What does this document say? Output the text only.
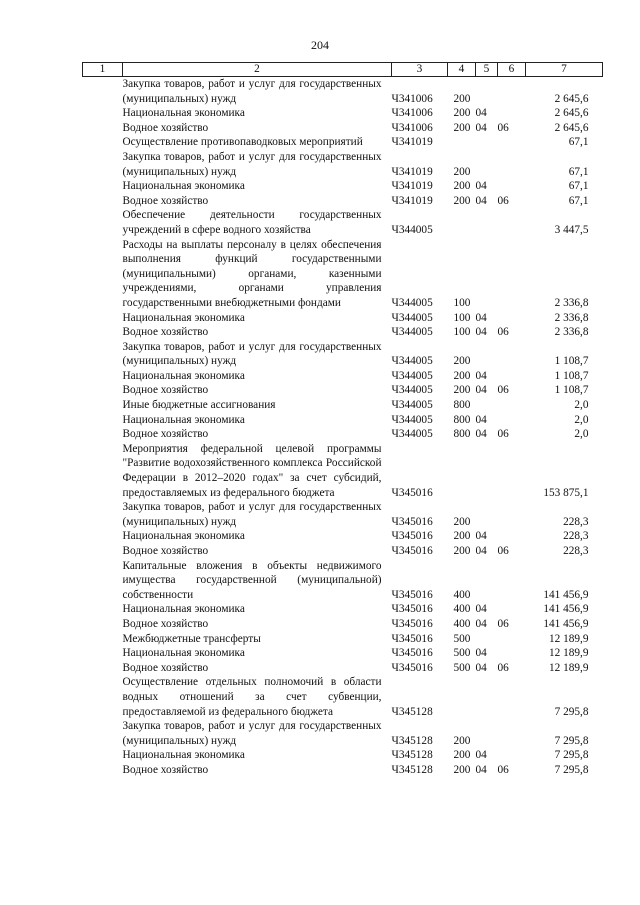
204
1	2	3	4	5	6	7
	Закупка товаров, работ и услуг для государственных (муниципальных) нужд	Ч341006	200			2 645,6
	Национальная экономика	Ч341006	200	04		2 645,6
	Водное хозяйство	Ч341006	200	04	06	2 645,6
	Осуществление противопаводковых мероприятий	Ч341019				67,1
	Закупка товаров, работ и услуг для государственных (муниципальных) нужд	Ч341019	200			67,1
	Национальная экономика	Ч341019	200	04		67,1
	Водное хозяйство	Ч341019	200	04	06	67,1
	Обеспечение деятельности государственных учреждений в сфере водного хозяйства	Ч344005				3 447,5
	Расходы на выплаты персоналу в целях обеспечения выполнения функций государственными (муниципальными) органами, казенными учреждениями, органами управления государственными внебюджетными фондами	Ч344005	100			2 336,8
	Национальная экономика	Ч344005	100	04		2 336,8
	Водное хозяйство	Ч344005	100	04	06	2 336,8
	Закупка товаров, работ и услуг для государственных (муниципальных) нужд	Ч344005	200			1 108,7
	Национальная экономика	Ч344005	200	04		1 108,7
	Водное хозяйство	Ч344005	200	04	06	1 108,7
	Иные бюджетные ассигнования	Ч344005	800			2,0
	Национальная экономика	Ч344005	800	04		2,0
	Водное хозяйство	Ч344005	800	04	06	2,0
	Мероприятия федеральной целевой программы "Развитие водохозяйственного комплекса Российской Федерации в 2012–2020 годах" за счет субсидий, предоставляемых из федерального бюджета	Ч345016				153 875,1
	Закупка товаров, работ и услуг для государственных (муниципальных) нужд	Ч345016	200			228,3
	Национальная экономика	Ч345016	200	04		228,3
	Водное хозяйство	Ч345016	200	04	06	228,3
	Капитальные вложения в объекты недвижимого имущества государственной (муниципальной) собственности	Ч345016	400			141 456,9
	Национальная экономика	Ч345016	400	04		141 456,9
	Водное хозяйство	Ч345016	400	04	06	141 456,9
	Межбюджетные трансферты	Ч345016	500			12 189,9
	Национальная экономика	Ч345016	500	04		12 189,9
	Водное хозяйство	Ч345016	500	04	06	12 189,9
	Осуществление отдельных полномочий в области водных отношений за счет субвенции, предоставляемой из федерального бюджета	Ч345128				7 295,8
	Закупка товаров, работ и услуг для государственных (муниципальных) нужд	Ч345128	200			7 295,8
	Национальная экономика	Ч345128	200	04		7 295,8
	Водное хозяйство	Ч345128	200	04	06	7 295,8
